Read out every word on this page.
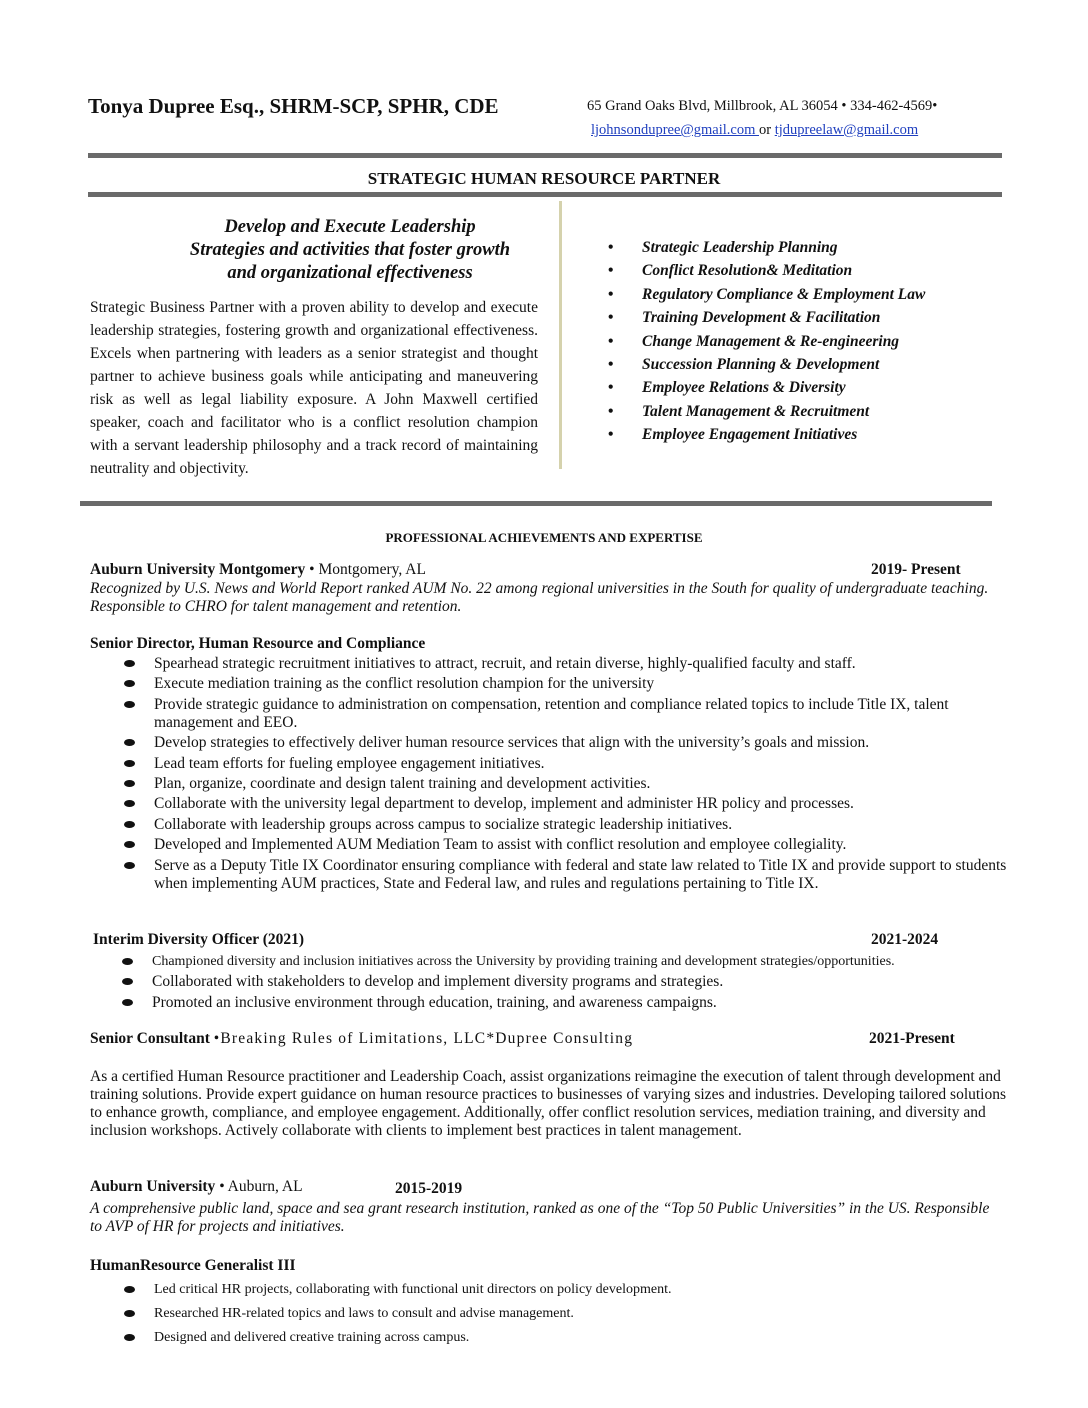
Tonya Dupree Esq., SHRM-SCP, SPHR, CDE	65 Grand Oaks Blvd, Millbrook, AL 36054 • 334-462-4569•
ljohnsondupree@gmail.com or tjdupreelaw@gmail.com
STRATEGIC HUMAN RESOURCE PARTNER
Develop and Execute Leadership
Strategies and activities that foster growth
and organizational effectiveness
Strategic Business Partner with a proven ability to develop and execute leadership strategies, fostering growth and organizational effectiveness. Excels when partnering with leaders as a senior strategist and thought partner to achieve business goals while anticipating and maneuvering risk as well as legal liability exposure. A John Maxwell certified speaker, coach and facilitator who is a conflict resolution champion with a servant leadership philosophy and a track record of maintaining neutrality and objectivity.
• Strategic Leadership Planning
• Conflict Resolution& Meditation
• Regulatory Compliance & Employment Law
• Training Development & Facilitation
• Change Management & Re-engineering
• Succession Planning & Development
• Employee Relations & Diversity
• Talent Management & Recruitment
• Employee Engagement Initiatives
PROFESSIONAL ACHIEVEMENTS AND EXPERTISE
Auburn University Montgomery • Montgomery, AL	2019- Present
Recognized by U.S. News and World Report ranked AUM No. 22 among regional universities in the South for quality of undergraduate teaching. Responsible to CHRO for talent management and retention.
Senior Director, Human Resource and Compliance
Spearhead strategic recruitment initiatives to attract, recruit, and retain diverse, highly-qualified faculty and staff.
Execute mediation training as the conflict resolution champion for the university
Provide strategic guidance to administration on compensation, retention and compliance related topics to include Title IX, talent management and EEO.
Develop strategies to effectively deliver human resource services that align with the university’s goals and mission.
Lead team efforts for fueling employee engagement initiatives.
Plan, organize, coordinate and design talent training and development activities.
Collaborate with the university legal department to develop, implement and administer HR policy and processes.
Collaborate with leadership groups across campus to socialize strategic leadership initiatives.
Developed and Implemented AUM Mediation Team to assist with conflict resolution and employee collegiality.
Serve as a Deputy Title IX Coordinator ensuring compliance with federal and state law related to Title IX and provide support to students when implementing AUM practices, State and Federal law, and rules and regulations pertaining to Title IX.
Interim Diversity Officer (2021)	2021-2024
Championed diversity and inclusion initiatives across the University by providing training and development strategies/opportunities.
Collaborated with stakeholders to develop and implement diversity programs and strategies.
Promoted an inclusive environment through education, training, and awareness campaigns.
Senior Consultant •Breaking Rules of Limitations, LLC*Dupree Consulting	2021-Present
As a certified Human Resource practitioner and Leadership Coach, assist organizations reimagine the execution of talent through development and training solutions. Provide expert guidance on human resource practices to businesses of varying sizes and industries. Developing tailored solutions to enhance growth, compliance, and employee engagement. Additionally, offer conflict resolution services, mediation training, and diversity and inclusion workshops. Actively collaborate with clients to implement best practices in talent management.
Auburn University • Auburn, AL	2015-2019
A comprehensive public land, space and sea grant research institution, ranked as one of the “Top 50 Public Universities” in the US. Responsible to AVP of HR for projects and initiatives.
HumanResource Generalist III
Led critical HR projects, collaborating with functional unit directors on policy development.
Researched HR-related topics and laws to consult and advise management.
Designed and delivered creative training across campus.
